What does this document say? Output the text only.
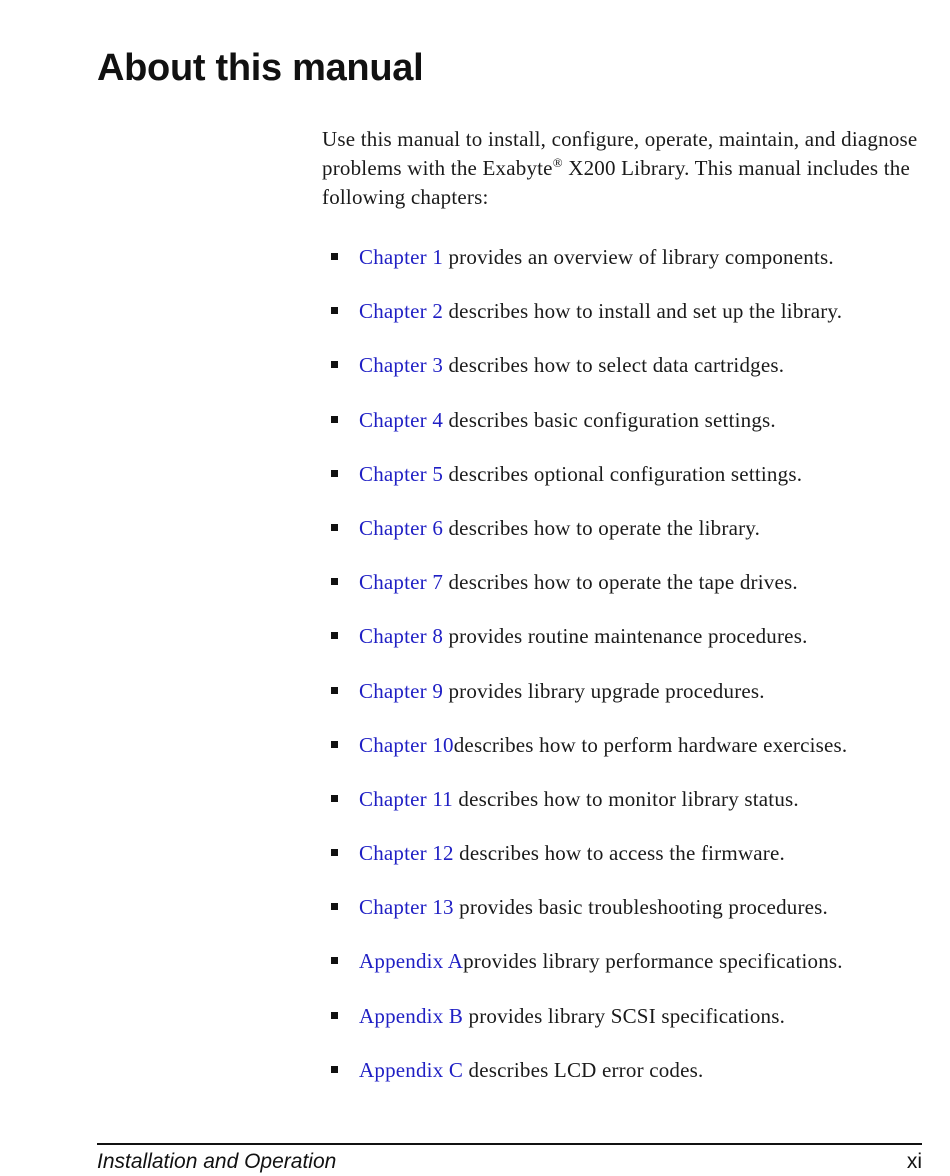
About this manual

Use this manual to install, configure, operate, maintain, and diagnose problems with the Exabyte® X200 Library. This manual includes the following chapters:

Chapter 1 provides an overview of library components.
Chapter 2 describes how to install and set up the library.
Chapter 3 describes how to select data cartridges.
Chapter 4 describes basic configuration settings.
Chapter 5 describes optional configuration settings.
Chapter 6 describes how to operate the library.
Chapter 7 describes how to operate the tape drives.
Chapter 8 provides routine maintenance procedures.
Chapter 9 provides library upgrade procedures.
Chapter 10describes how to perform hardware exercises.
Chapter 11 describes how to monitor library status.
Chapter 12 describes how to access the firmware.
Chapter 13 provides basic troubleshooting procedures.
Appendix Aprovides library performance specifications.
Appendix B provides library SCSI specifications.
Appendix C describes LCD error codes.
Installation and Operation	xi
